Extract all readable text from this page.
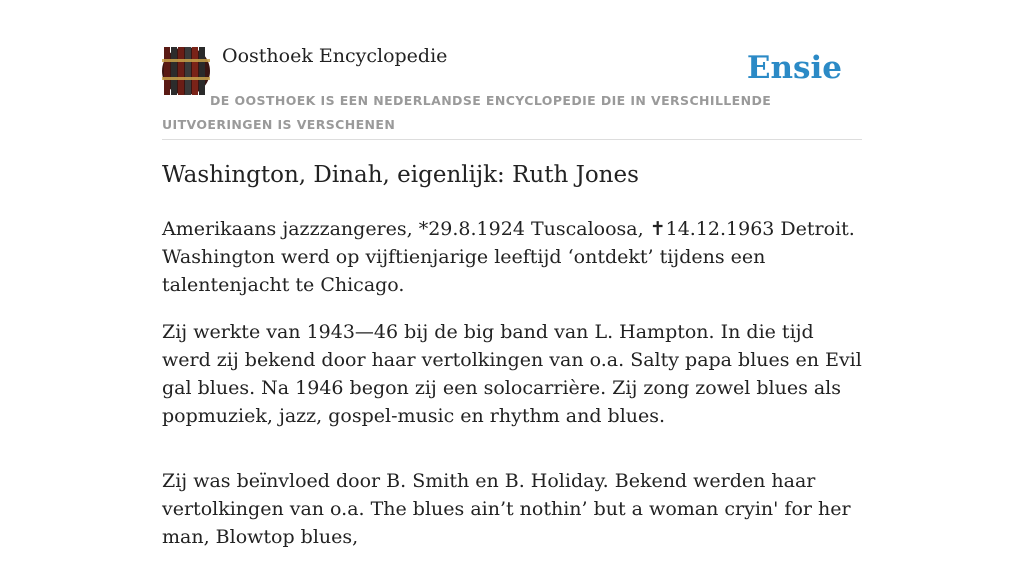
Oosthoek Encyclopedie	Ensie
DE OOSTHOEK IS EEN NEDERLANDSE ENCYCLOPEDIE DIE IN VERSCHILLENDE UITVOERINGEN IS VERSCHENEN
Washington, Dinah, eigenlijk: Ruth Jones

Amerikaans jazzzangeres, *29.8.1924 Tuscaloosa, ✝14.12.1963 Detroit. Washington werd op vijftienjarige leeftijd ‘ontdekt’ tijdens een talentenjacht te Chicago.

Zij werkte van 1943—46 bij de big band van L. Hampton. In die tijd werd zij bekend door haar vertolkingen van o.a. Salty papa blues en Evil gal blues. Na 1946 begon zij een solocarrière. Zij zong zowel blues als popmuziek, jazz, gospel-music en rhythm and blues.

Zij was beïnvloed door B. Smith en B. Holiday. Bekend werden haar vertolkingen van o.a. The blues ain’t nothin’ but a woman cryin' for her man, Blowtop blues,
